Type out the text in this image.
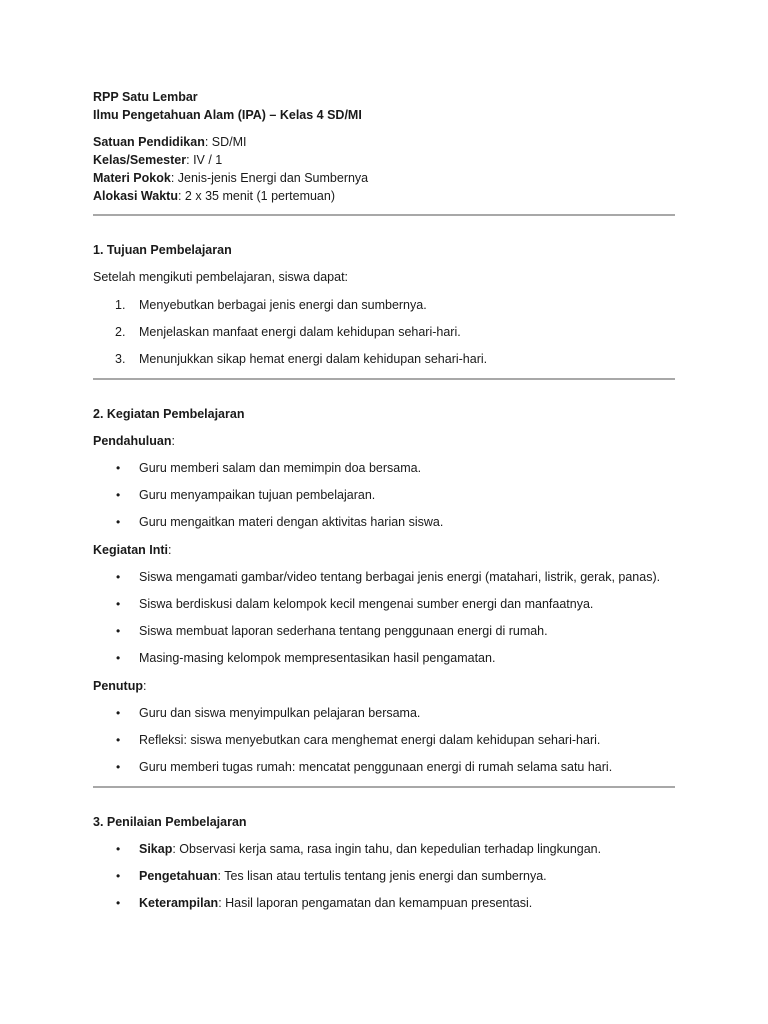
RPP Satu Lembar
Ilmu Pengetahuan Alam (IPA) – Kelas 4 SD/MI
Satuan Pendidikan: SD/MI
Kelas/Semester: IV / 1
Materi Pokok: Jenis-jenis Energi dan Sumbernya
Alokasi Waktu: 2 x 35 menit (1 pertemuan)
1. Tujuan Pembelajaran
Setelah mengikuti pembelajaran, siswa dapat:
1. Menyebutkan berbagai jenis energi dan sumbernya.
2. Menjelaskan manfaat energi dalam kehidupan sehari-hari.
3. Menunjukkan sikap hemat energi dalam kehidupan sehari-hari.
2. Kegiatan Pembelajaran
Pendahuluan:
• Guru memberi salam dan memimpin doa bersama.
• Guru menyampaikan tujuan pembelajaran.
• Guru mengaitkan materi dengan aktivitas harian siswa.
Kegiatan Inti:
• Siswa mengamati gambar/video tentang berbagai jenis energi (matahari, listrik, gerak, panas).
• Siswa berdiskusi dalam kelompok kecil mengenai sumber energi dan manfaatnya.
• Siswa membuat laporan sederhana tentang penggunaan energi di rumah.
• Masing-masing kelompok mempresentasikan hasil pengamatan.
Penutup:
• Guru dan siswa menyimpulkan pelajaran bersama.
• Refleksi: siswa menyebutkan cara menghemat energi dalam kehidupan sehari-hari.
• Guru memberi tugas rumah: mencatat penggunaan energi di rumah selama satu hari.
3. Penilaian Pembelajaran
• Sikap: Observasi kerja sama, rasa ingin tahu, dan kepedulian terhadap lingkungan.
• Pengetahuan: Tes lisan atau tertulis tentang jenis energi dan sumbernya.
• Keterampilan: Hasil laporan pengamatan dan kemampuan presentasi.
